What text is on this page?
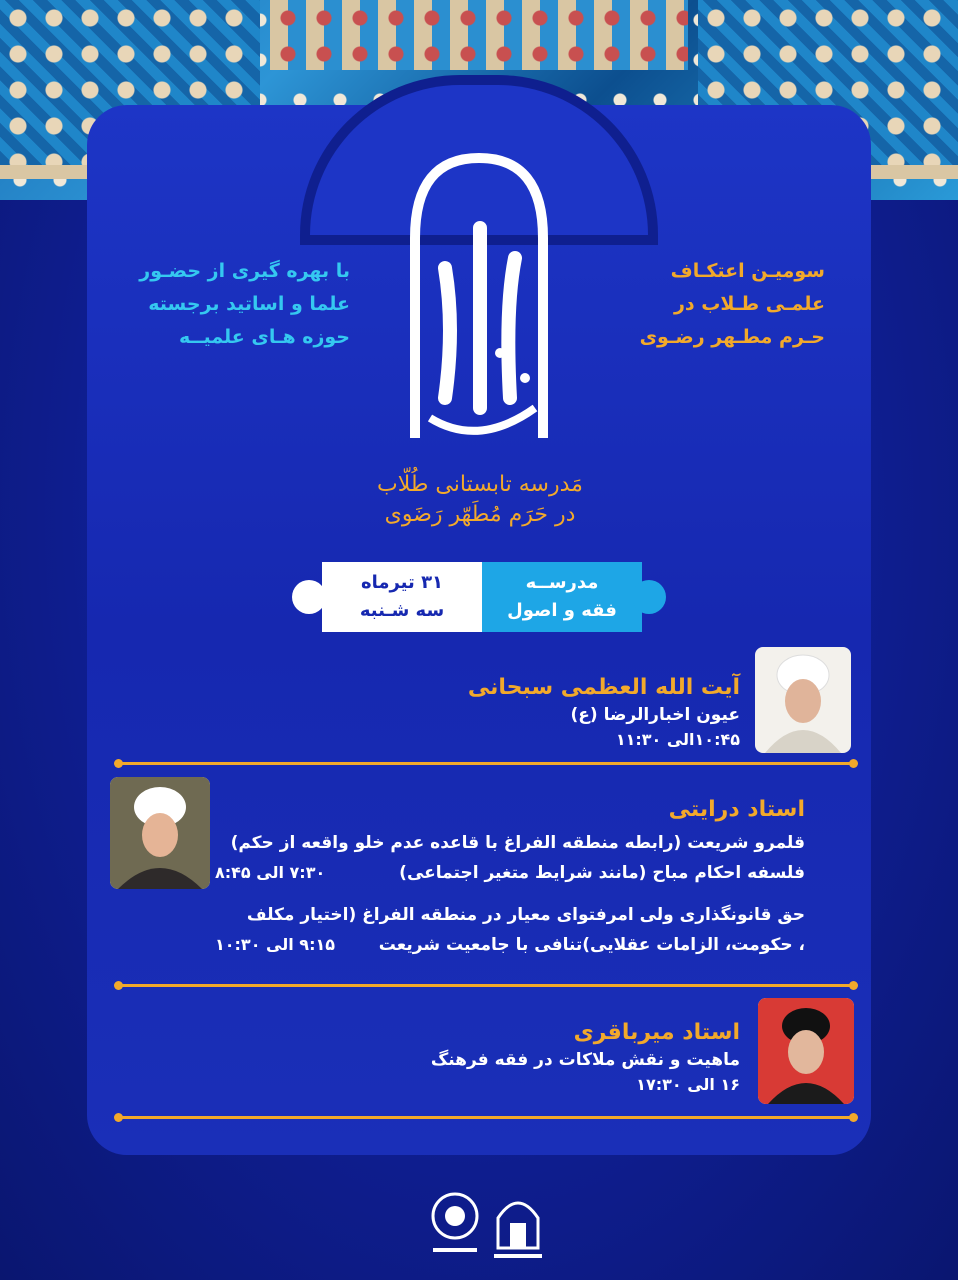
مَدرسه تابستانی طُلّاب
در حَرَم مُطَهّر رَضَوی
سومیـن اعتکـاف
علمـی طـلاب در
حـرم مطـهر رضـوی
با بهره گیری از حضـور
علما و اساتید برجسته
حوزه هـای علمیــه
۳۱ تیرماه
سه شـنبه
مدرســه
فقه و اصول
آیت الله العظمی سبحانی
عیون اخبارالرضا (ع)
۱۰:۴۵الی ۱۱:۳۰
استاد درایتی
قلمرو شریعت (رابطه منطقه الفراغ با قاعده عدم خلو واقعه از حکم)
فلسفه احکام مباح (مانند شرایط متغیر اجتماعی)
۷:۳۰ الی ۸:۴۵
حق قانونگذاری ولی امرفتوای معیار در منطقه الفراغ (اختیار مکلف
، حکومت، الزامات عقلایی)تنافی با جامعیت شریعت
۹:۱۵ الی ۱۰:۳۰
استاد میرباقری
ماهیت و نقش ملاکات در فقه فرهنگ
۱۶ الی ۱۷:۳۰
